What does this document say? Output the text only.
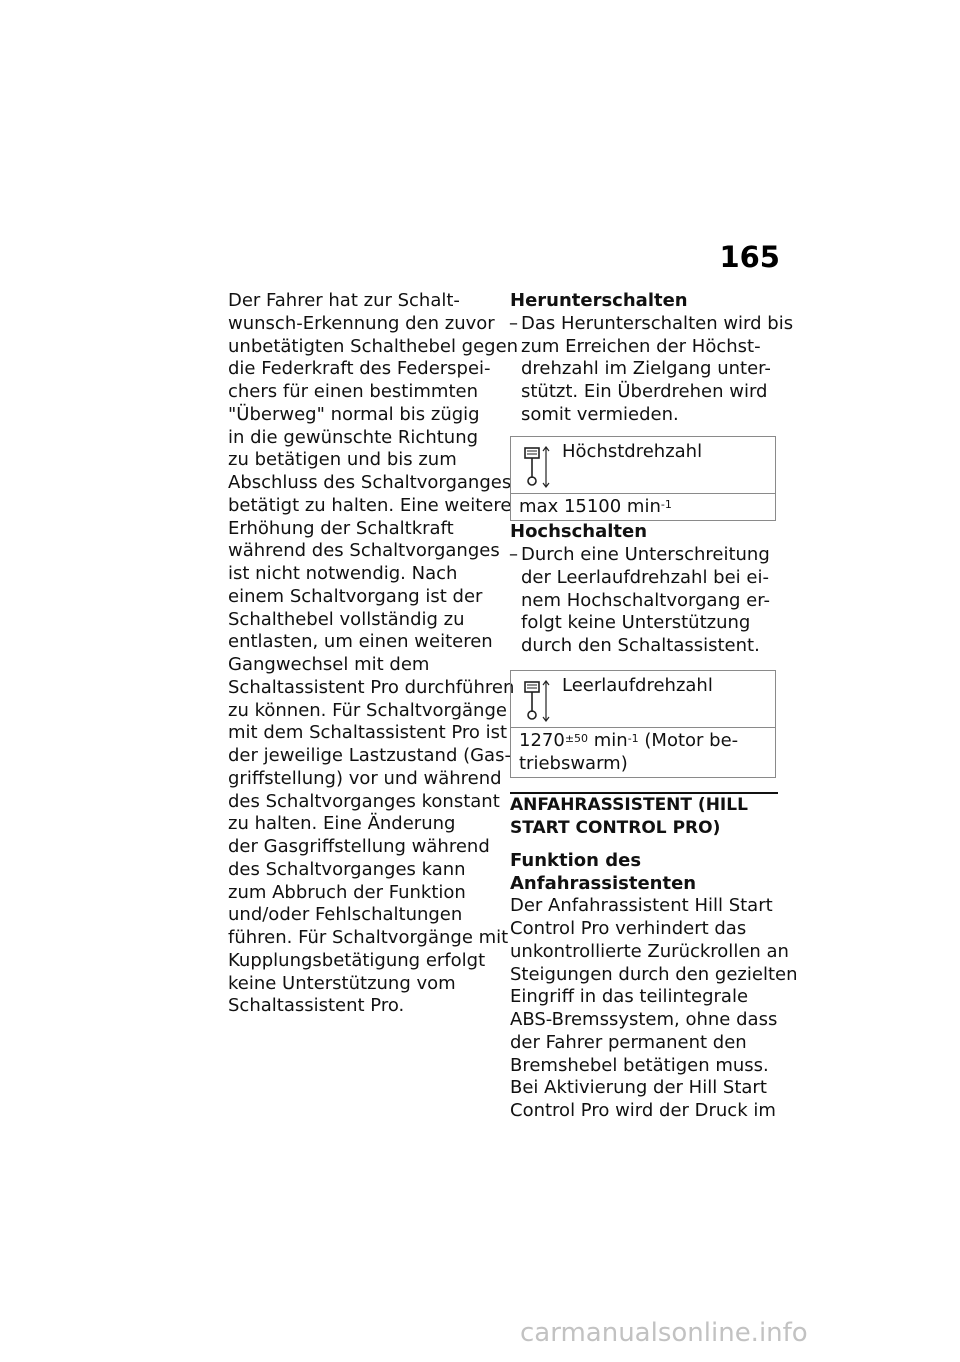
165
Der Fahrer hat zur Schalt-
wunsch-Erkennung den zuvor
unbetätigten Schalthebel gegen
die Federkraft des Federspei-
chers für einen bestimmten
"Überweg" normal bis zügig
in die gewünschte Richtung
zu betätigen und bis zum
Abschluss des Schaltvorganges
betätigt zu halten. Eine weitere
Erhöhung der Schaltkraft
während des Schaltvorganges
ist nicht notwendig. Nach
einem Schaltvorgang ist der
Schalthebel vollständig zu
entlasten, um einen weiteren
Gangwechsel mit dem
Schaltassistent Pro durchführen
zu können. Für Schaltvorgänge
mit dem Schaltassistent Pro ist
der jeweilige Lastzustand (Gas-
griffstellung) vor und während
des Schaltvorganges konstant
zu halten. Eine Änderung
der Gasgriffstellung während
des Schaltvorganges kann
zum Abbruch der Funktion
und/oder Fehlschaltungen
führen. Für Schaltvorgänge mit
Kupplungsbetätigung erfolgt
keine Unterstützung vom
Schaltassistent Pro.
Herunterschalten
– Das Herunterschalten wird bis
zum Erreichen der Höchst-
drehzahl im Zielgang unter-
stützt. Ein Überdrehen wird
somit vermieden.
Höchstdrehzahl
max 15100 $\min^{-1}$
Hochschalten
– Durch eine Unterschreitung
der Leerlaufdrehzahl bei ei-
nem Hochschaltvorgang er-
folgt keine Unterstützung
durch den Schaltassistent.
Leerlaufdrehzahl
$1270^{\pm 50}$ $\min^{-1}$ (Motor be-
triebswarm)
ANFAHRASSISTENT (HILL
START CONTROL PRO)
Funktion des
Anfahrassistenten
Der Anfahrassistent Hill Start
Control Pro verhindert das
unkontrollierte Zurückrollen an
Steigungen durch den gezielten
Eingriff in das teilintegrale
ABS-Bremssystem, ohne dass
der Fahrer permanent den
Bremshebel betätigen muss.
Bei Aktivierung der Hill Start
Control Pro wird der Druck im
carmanualsonline.info
